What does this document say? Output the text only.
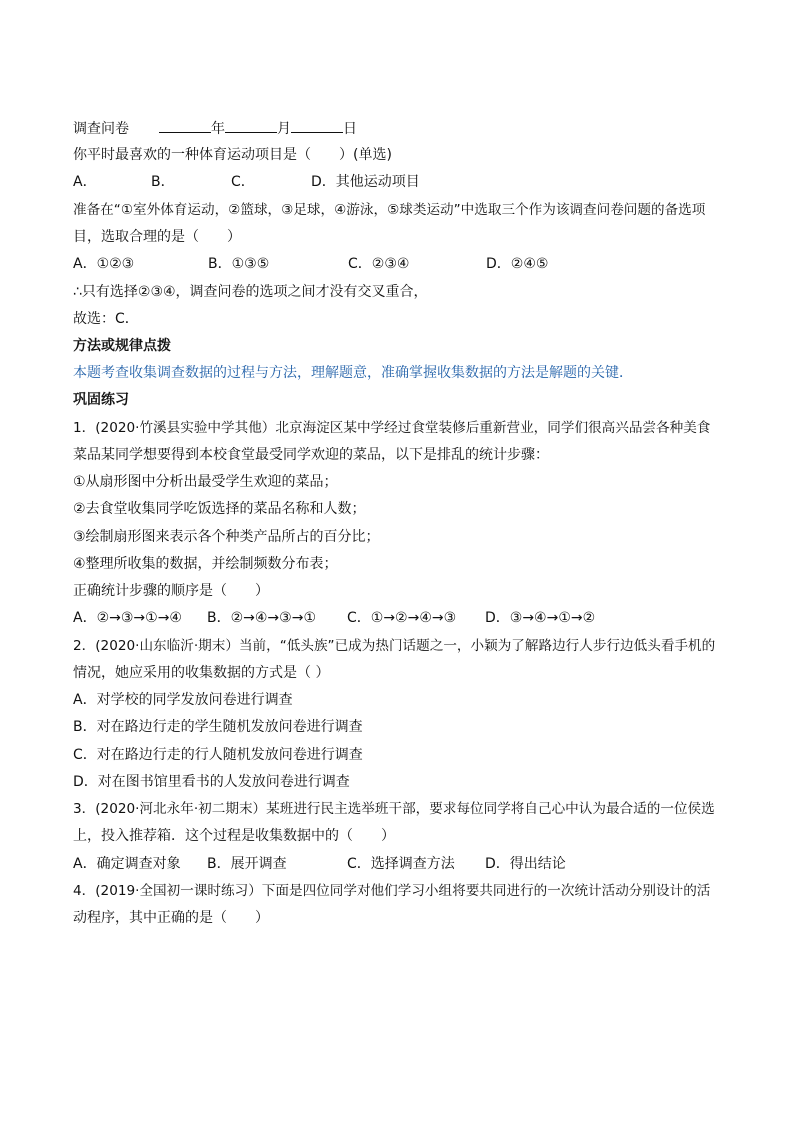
调查问卷	年	月	日
你平时最喜欢的一种体育运动项目是（　　）(单选)
A．	B．	C．	D．其他运动项目
准备在“①室外体育运动，②篮球，③足球，④游泳，⑤球类运动”中选取三个作为该调查问卷问题的备选项
目，选取合理的是（　　）
A．①②③	B．①③⑤	C．②③④	D．②④⑤
∴只有选择②③④，调查问卷的选项之间才没有交叉重合，
故选：C．
方法或规律点拨
本题考查收集调查数据的过程与方法，理解题意，准确掌握收集数据的方法是解题的关键．
巩固练习
1．(2020·竹溪县实验中学其他）北京海淀区某中学经过食堂装修后重新营业，同学们很高兴品尝各种美食
菜品某同学想要得到本校食堂最受同学欢迎的菜品，以下是排乱的统计步骤：
①从扇形图中分析出最受学生欢迎的菜品；
②去食堂收集同学吃饭选择的菜品名称和人数；
③绘制扇形图来表示各个种类产品所占的百分比；
④整理所收集的数据，并绘制频数分布表；
正确统计步骤的顺序是（　　）
A．②→③→①→④ B．②→④→③→① C．①→②→④→③ D．③→④→①→②
2．(2020·山东临沂·期末）当前，“低头族”已成为热门话题之一，小颖为了解路边行人步行边低头看手机的
情况，她应采用的收集数据的方式是（ ）
A．对学校的同学发放问卷进行调查
B．对在路边行走的学生随机发放问卷进行调查
C．对在路边行走的行人随机发放问卷进行调查
D．对在图书馆里看书的人发放问卷进行调查
3．(2020·河北永年·初二期末）某班进行民主选举班干部，要求每位同学将自己心中认为最合适的一位侯选
上，投入推荐箱．这个过程是收集数据中的（　　）
A．确定调查对象 B．展开调查	C．选择调查方法 D．得出结论
4．(2019·全国初一课时练习）下面是四位同学对他们学习小组将要共同进行的一次统计活动分别设计的活
动程序，其中正确的是（　　）
